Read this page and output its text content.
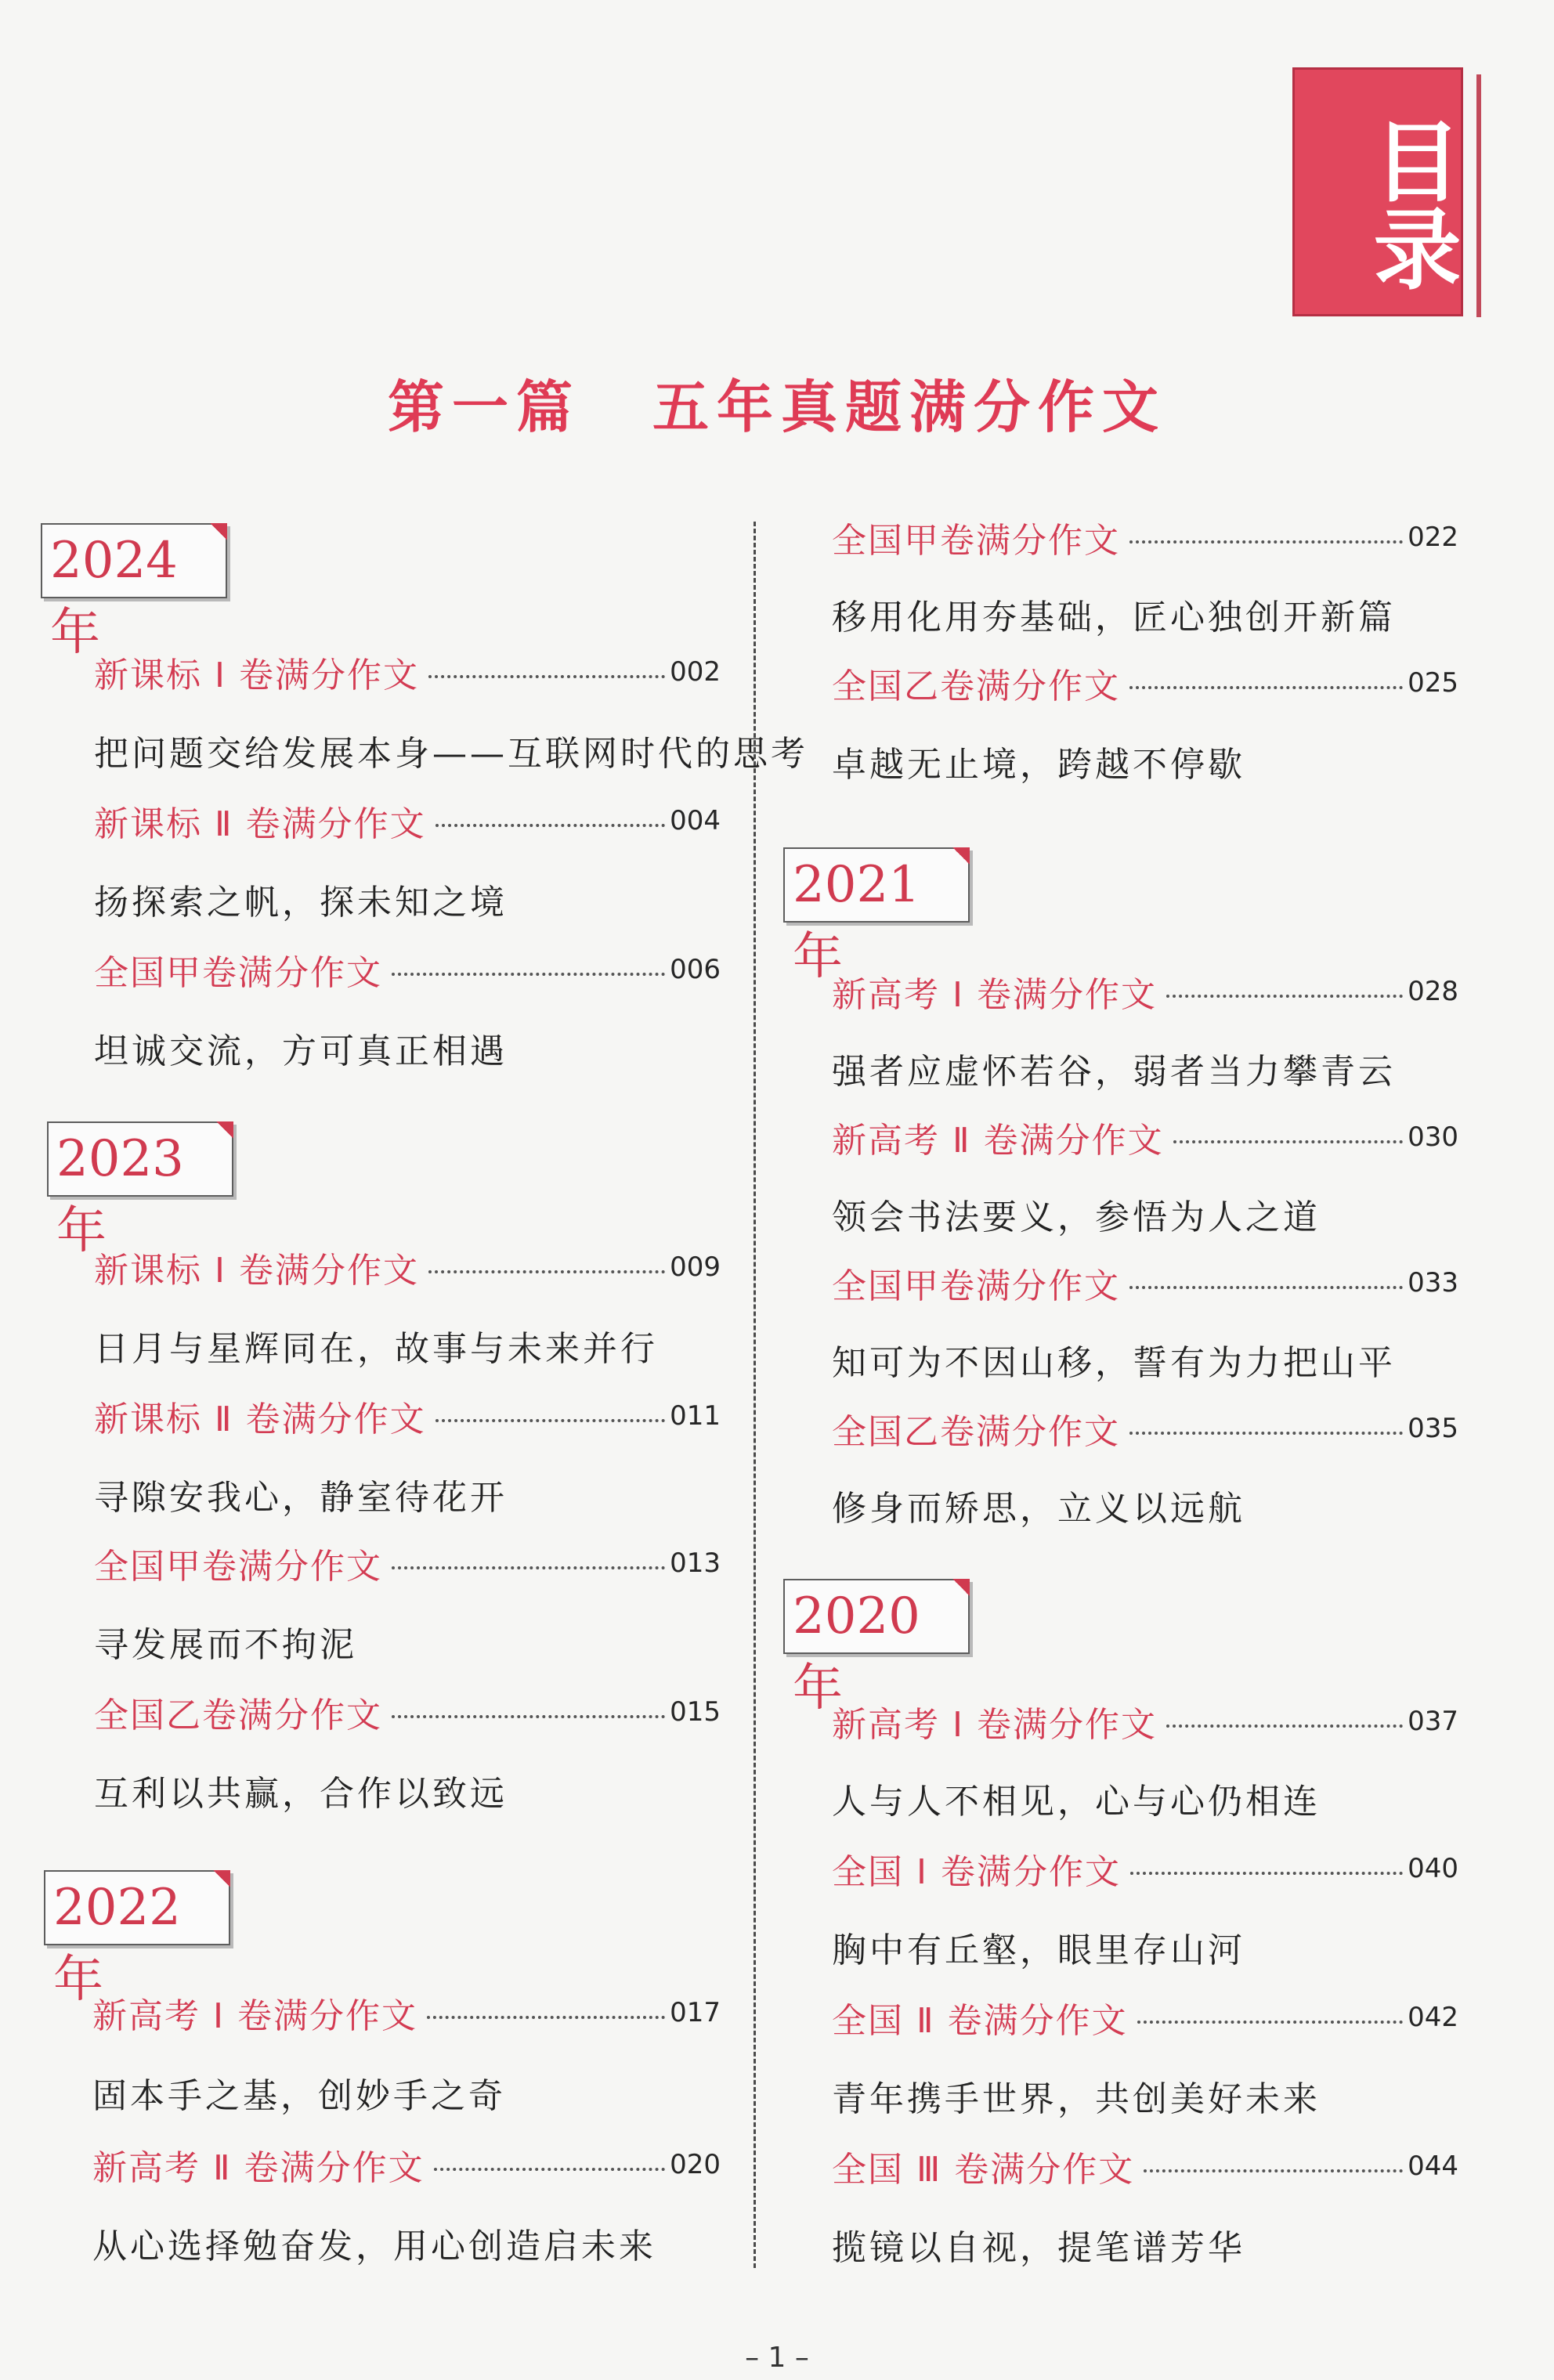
目录
第一篇 五年真题满分作文
2024年
新课标 Ⅰ 卷满分作文	002
把问题交给发展本身——互联网时代的思考
新课标 Ⅱ 卷满分作文	004
扬探索之帆，探未知之境
全国甲卷满分作文	006
坦诚交流，方可真正相遇
2023年
新课标 Ⅰ 卷满分作文	009
日月与星辉同在，故事与未来并行
新课标 Ⅱ 卷满分作文	011
寻隙安我心，静室待花开
全国甲卷满分作文	013
寻发展而不拘泥
全国乙卷满分作文	015
互利以共赢，合作以致远
2022年
新高考 Ⅰ 卷满分作文	017
固本手之基，创妙手之奇
新高考 Ⅱ 卷满分作文	020
从心选择勉奋发，用心创造启未来
全国甲卷满分作文	022
移用化用夯基础，匠心独创开新篇
全国乙卷满分作文	025
卓越无止境，跨越不停歇
2021年
新高考 Ⅰ 卷满分作文	028
强者应虚怀若谷，弱者当力攀青云
新高考 Ⅱ 卷满分作文	030
领会书法要义，参悟为人之道
全国甲卷满分作文	033
知可为不因山移，誓有为力把山平
全国乙卷满分作文	035
修身而矫思，立义以远航
2020年
新高考 Ⅰ 卷满分作文	037
人与人不相见，心与心仍相连
全国 Ⅰ 卷满分作文	040
胸中有丘壑，眼里存山河
全国 Ⅱ 卷满分作文	042
青年携手世界，共创美好未来
全国 Ⅲ 卷满分作文	044
揽镜以自视，提笔谱芳华
– 1 –
